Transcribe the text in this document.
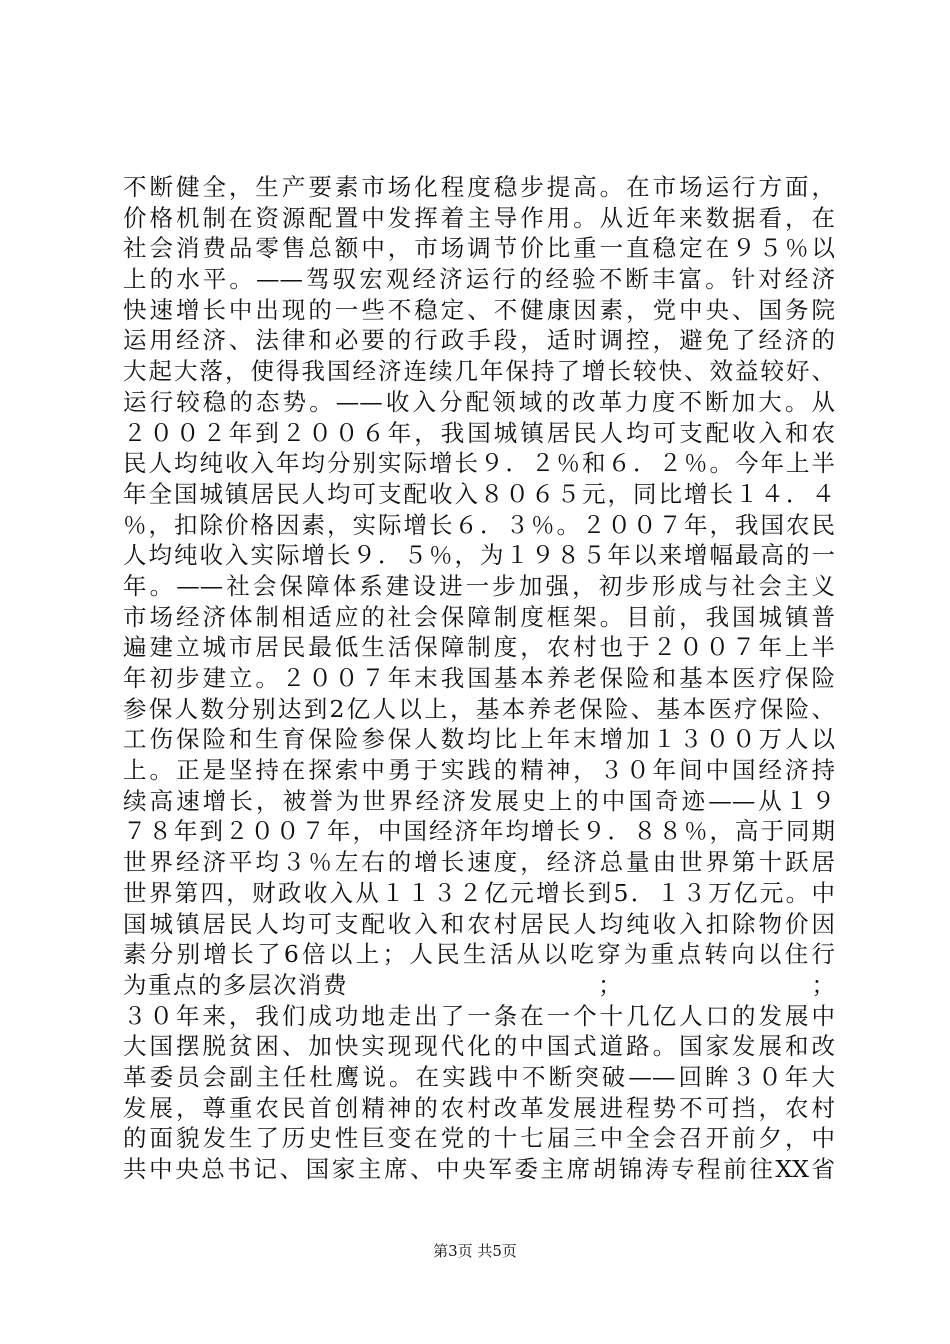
不断健全，生产要素市场化程度稳步提高。在市场运行方面，
价格机制在资源配置中发挥着主导作用。从近年来数据看，在
社会消费品零售总额中，市场调节价比重一直稳定在９５％以
上的水平。——驾驭宏观经济运行的经验不断丰富。针对经济
快速增长中出现的一些不稳定、不健康因素，党中央、国务院
运用经济、法律和必要的行政手段，适时调控，避免了经济的
大起大落，使得我国经济连续几年保持了增长较快、效益较好、
运行较稳的态势。——收入分配领域的改革力度不断加大。从
２００２年到２００６年，我国城镇居民人均可支配收入和农
民人均纯收入年均分别实际增长９．２％和６．２％。今年上半
年全国城镇居民人均可支配收入８０６５元，同比增长１４．４
％，扣除价格因素，实际增长６．３％。２００７年，我国农民
人均纯收入实际增长９．５％，为１９８５年以来增幅最高的一
年。——社会保障体系建设进一步加强，初步形成与社会主义
市场经济体制相适应的社会保障制度框架。目前，我国城镇普
遍建立城市居民最低生活保障制度，农村也于２００７年上半
年初步建立。２００７年末我国基本养老保险和基本医疗保险
参保人数分别达到2亿人以上，基本养老保险、基本医疗保险、
工伤保险和生育保险参保人数均比上年末增加１３００万人以
上。正是坚持在探索中勇于实践的精神，３０年间中国经济持
续高速增长，被誉为世界经济发展史上的中国奇迹——从１９
７８年到２００７年，中国经济年均增长９．８８％，高于同期
世界经济平均３％左右的增长速度，经济总量由世界第十跃居
世界第四，财政收入从１１３２亿元增长到5．１３万亿元。中
国城镇居民人均可支配收入和农村居民人均纯收入扣除物价因
素分别增长了6倍以上；人民生活从以吃穿为重点转向以住行
为重点的多层次消费　　　　　　　　　　；　　　　　　　　；
３０年来，我们成功地走出了一条在一个十几亿人口的发展中
大国摆脱贫困、加快实现现代化的中国式道路。国家发展和改
革委员会副主任杜鹰说。在实践中不断突破——回眸３０年大
发展，尊重农民首创精神的农村改革发展进程势不可挡，农村
的面貌发生了历史性巨变在党的十七届三中全会召开前夕，中
共中央总书记、国家主席、中央军委主席胡锦涛专程前往XX省
第3页 共5页
